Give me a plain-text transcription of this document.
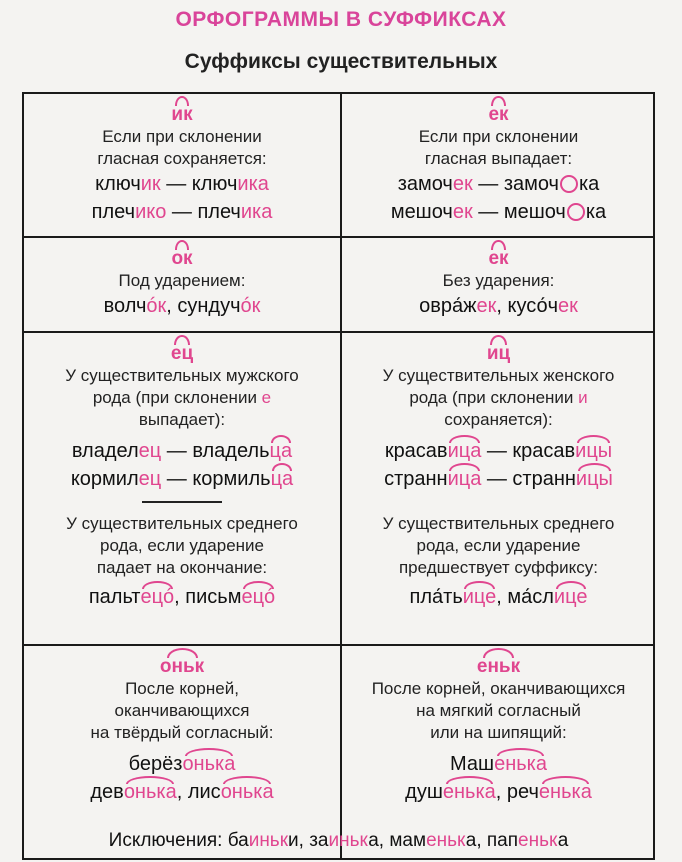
ОРФОГРАММЫ В СУФФИКСАХ
Суффиксы существительных
ик
Если при склонении
гласная сохраняется:
ключик — ключика
плечико — плечика
ек
Если при склонении
гласная выпадает:
замочек — замоч ка
мешочек — мешоч ка
ок
Под ударением:
волчóк, сундучóк
ек
Без ударения:
овра́жек, кусо́чек
ец
У существительных мужского
рода (при склонении е
выпадает):
владелец — владельца
кормилец — кормильца
У существительных среднего
рода, если ударение
падает на окончание:
пальтецó, письмецó
иц
У существительных женского
рода (при склонении и
сохраняется):
красавица — красавицы
странница — странницы
У существительных среднего
рода, если ударение
предшествует суффиксу:
пла́тьице, ма́слице
оньк
После корней,
оканчивающихся
на твёрдый согласный:
берёзонька
девонька, лисонька
еньк
После корней, оканчивающихся
на мягкий согласный
или на шипящий:
Машенька
душенька, реченька
Исключения: баиньки, заинька, маменька, папенька
